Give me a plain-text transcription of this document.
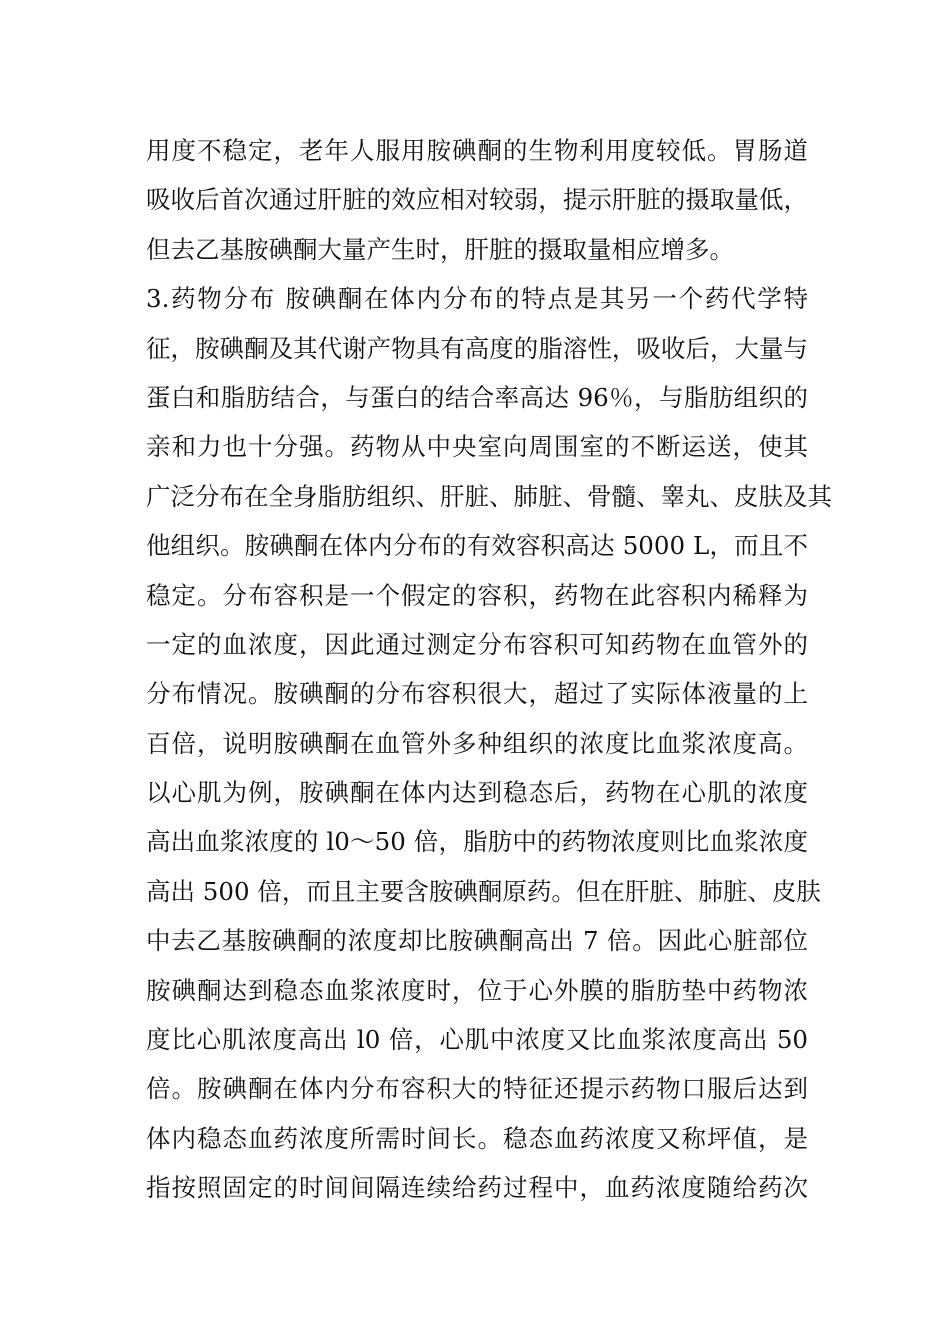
用度不稳定，老年人服用胺碘酮的生物利用度较低。胃肠道
吸收后首次通过肝脏的效应相对较弱，提示肝脏的摄取量低，
但去乙基胺碘酮大量产生时，肝脏的摄取量相应增多。
3.药物分布 胺碘酮在体内分布的特点是其另一个药代学特
征，胺碘酮及其代谢产物具有高度的脂溶性，吸收后，大量与
蛋白和脂肪结合，与蛋白的结合率高达 96％，与脂肪组织的
亲和力也十分强。药物从中央室向周围室的不断运送，使其
广泛分布在全身脂肪组织、肝脏、肺脏、骨髓、睾丸、皮肤及其
他组织。胺碘酮在体内分布的有效容积高达 5000 L，而且不
稳定。分布容积是一个假定的容积，药物在此容积内稀释为
一定的血浓度，因此通过测定分布容积可知药物在血管外的
分布情况。胺碘酮的分布容积很大，超过了实际体液量的上
百倍，说明胺碘酮在血管外多种组织的浓度比血浆浓度高。
以心肌为例，胺碘酮在体内达到稳态后，药物在心肌的浓度
高出血浆浓度的 l0～50 倍，脂肪中的药物浓度则比血浆浓度
高出 500 倍，而且主要含胺碘酮原药。但在肝脏、肺脏、皮肤
中去乙基胺碘酮的浓度却比胺碘酮高出 7 倍。因此心脏部位
胺碘酮达到稳态血浆浓度时，位于心外膜的脂肪垫中药物浓
度比心肌浓度高出 l0 倍，心肌中浓度又比血浆浓度高出 50
倍。胺碘酮在体内分布容积大的特征还提示药物口服后达到
体内稳态血药浓度所需时间长。稳态血药浓度又称坪值，是
指按照固定的时间间隔连续给药过程中，血药浓度随给药次
